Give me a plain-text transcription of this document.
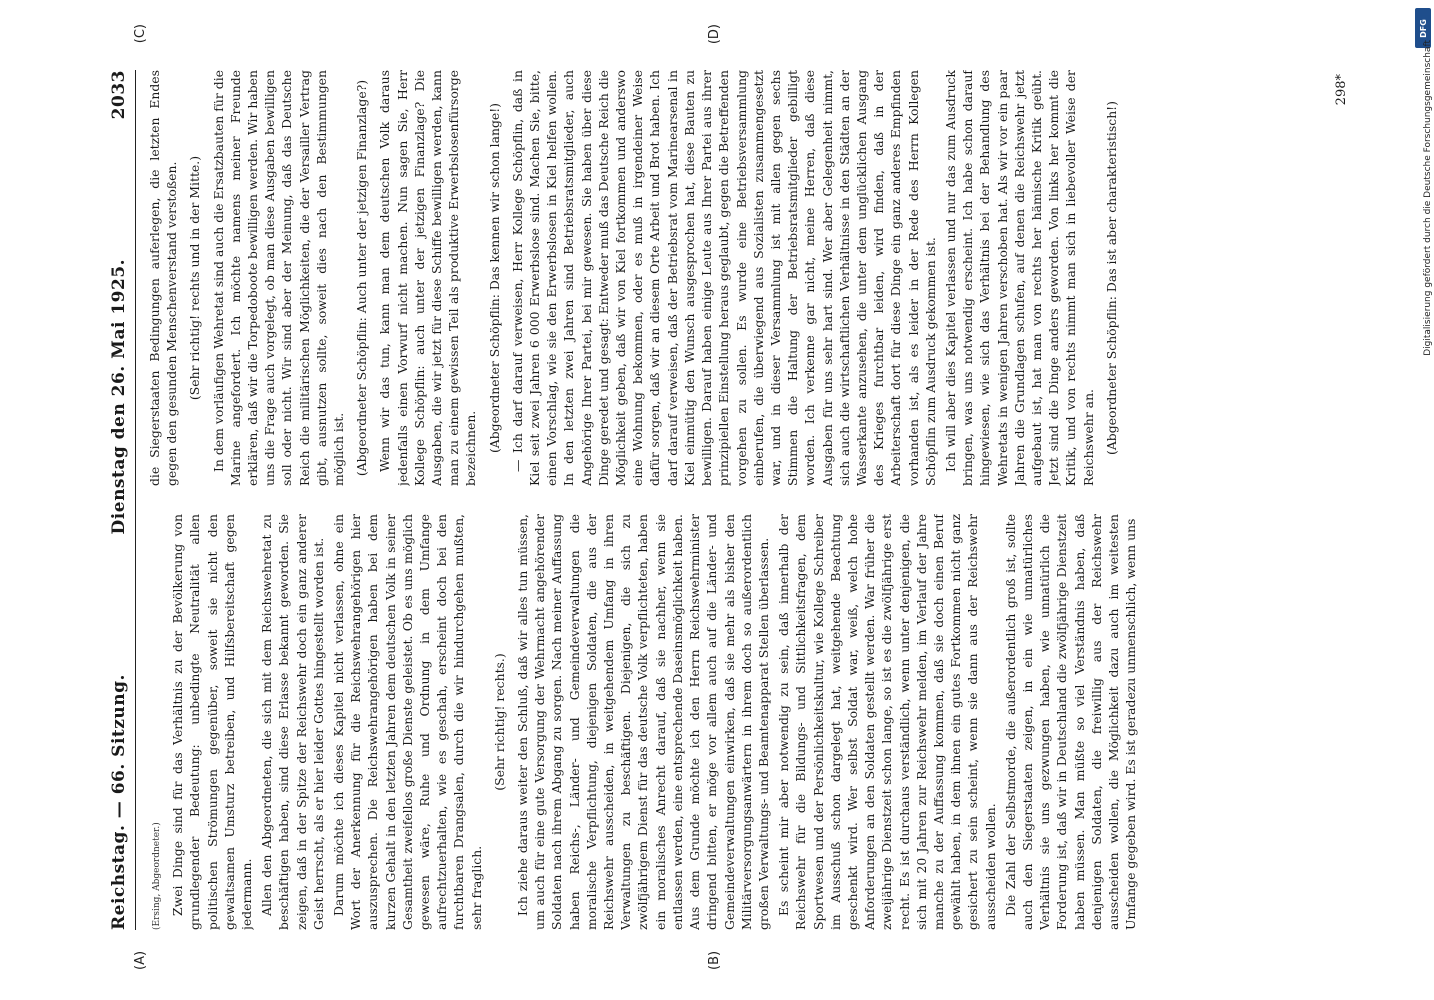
Reichstag. — 66. Sitzung.
Dienstag den 26. Mai 1925.
2033
(A)	(B)
(C)	(D)

(Ersing, Abgeordneter.) Zwei Dinge sind für das Verhältnis zu der Bevölkerung von grundlegender Bedeutung: unbedingte Neutralität allen politischen Strömungen gegenüber, soweit sie nicht den gewaltsamen Umsturz betreiben, und Hilfsbereitschaft gegen jedermann. Allen den Abgeordneten, die sich mit dem Reichswehretat zu beschäftigen haben, sind diese Erlasse bekannt geworden. Sie zeigen, daß in der Spitze der Reichswehr doch ein ganz anderer Geist herrscht, als er hier leider Gottes hingestellt worden ist. Darum möchte ich dieses Kapitel nicht verlassen, ohne ein Wort der Anerkennung für die Reichswehrangehörigen hier auszusprechen. Die Reichswehrangehörigen haben bei dem kurzen Gehalt in den letzten Jahren dem deutschen Volk in seiner Gesamtheit zweifellos große Dienste geleistet. Ob es uns möglich gewesen wäre, Ruhe und Ordnung in dem Umfange aufrechtzuerhalten, wie es geschah, erscheint doch bei den furchtbaren Drangsalen, durch die wir hindurchgehen mußten, sehr fraglich.

(Sehr richtig! rechts.) Ich ziehe daraus weiter den Schluß, daß wir alles tun müssen, um auch für eine gute Versorgung der Wehrmacht angehörender Soldaten nach ihrem Abgang zu sorgen. Nach meiner Auffassung haben Reichs-, Länder- und Gemeindeverwaltungen die moralische Verpflichtung, diejenigen Soldaten, die aus der Reichswehr ausscheiden, in weitgehendem Umfang in ihren Verwaltungen zu beschäftigen. Diejenigen, die sich zu zwölfjährigem Dienst für das deutsche Volk verpflichteten, haben ein moralisches Anrecht darauf, daß sie nachher, wenn sie entlassen werden, eine entsprechende Daseinsmöglichkeit haben. Aus dem Grunde möchte ich den Herrn Reichswehrminister dringend bitten, er möge vor allem auch auf die Länder- und Gemeindeverwaltungen einwirken, daß sie mehr als bisher den Militärversorgungsanwärtern in ihrem doch so außerordentlich großen Verwaltungs- und Beamtenapparat Stellen überlassen. Es scheint mir aber notwendig zu sein, daß innerhalb der Reichswehr für die Bildungs- und Sittlichkeitsfragen, dem Sportwesen und der Persönlichkeitskultur, wie Kollege Schreiber im Ausschuß schon dargelegt hat, weitgehende Beachtung geschenkt wird. Wer selbst Soldat war, weiß, welch hohe Anforderungen an den Soldaten gestellt werden. War früher die zweijährige Dienstzeit schon lange, so ist es die zwölfjährige erst recht. Es ist durchaus verständlich, wenn unter denjenigen, die sich mit 20 Jahren zur Reichswehr melden, im Verlauf der Jahre manche zu der Auffassung kommen, daß sie doch einen Beruf gewählt haben, in dem ihnen ein gutes Fortkommen nicht ganz gesichert zu sein scheint, wenn sie dann aus der Reichswehr ausscheiden wollen. Die Zahl der Selbstmorde, die außerordentlich groß ist, sollte auch den Siegerstaaten zeigen, in ein wie unnatürliches Verhältnis sie uns gezwungen haben, wie unnatürlich die Forderung ist, daß wir in Deutschland die zwölfjährige Dienstzeit haben müssen. Man müßte so viel Verständnis haben, daß denjenigen Soldaten, die freiwillig aus der Reichswehr ausscheiden wollen, die Möglichkeit dazu auch im weitesten Umfange gegeben wird. Es ist geradezu unmenschlich, wenn uns

die Siegerstaaten Bedingungen auferlegen, die letzten Endes gegen den gesunden Menschenverstand verstoßen. (Sehr richtig! rechts und in der Mitte.) In dem vorläufigen Wehretat sind auch die Ersatzbauten für die Marine angefordert. Ich möchte namens meiner Freunde erklären, daß wir die Torpedoboote bewilligen werden. Wir haben uns die Frage auch vorgelegt, ob man diese Ausgaben bewilligen soll oder nicht. Wir sind aber der Meinung, daß das Deutsche Reich die militärischen Möglichkeiten, die der Versailler Vertrag gibt, ausnutzen sollte, soweit dies nach den Bestimmungen möglich ist. (Abgeordneter Schöpflin: Auch unter der jetzigen Finanzlage?) Wenn wir das tun, kann man dem deutschen Volk daraus jedenfalls einen Vorwurf nicht machen. Nun sagen Sie, Herr Kollege Schöpflin: auch unter der jetzigen Finanzlage? Die Ausgaben, die wir jetzt für diese Schiffe bewilligen werden, kann man zu einem gewissen Teil als produktive Erwerbslosenfürsorge bezeichnen. (Abgeordneter Schöpflin: Das kennen wir schon lange!) — Ich darf darauf verweisen, Herr Kollege Schöpflin, daß in Kiel seit zwei Jahren 6 000 Erwerbslose sind. Machen Sie, bitte, einen Vorschlag, wie sie den Erwerbslosen in Kiel helfen wollen. In den letzten zwei Jahren sind Betriebsratsmitglieder, auch Angehörige Ihrer Partei, bei mir gewesen. Sie haben über diese Dinge geredet und gesagt: Entweder muß das Deutsche Reich die Möglichkeit geben, daß wir von Kiel fortkommen und anderswo eine Wohnung bekommen, oder es muß in irgendeiner Weise dafür sorgen, daß wir an diesem Orte Arbeit und Brot haben. Ich darf darauf verweisen, daß der Betriebsrat vom Marinearsenal in Kiel einmütig den Wunsch ausgesprochen hat, diese Bauten zu bewilligen. Darauf haben einige Leute aus Ihrer Partei aus ihrer prinzipiellen Einstellung heraus geglaubt, gegen die Betreffenden vorgehen zu sollen. Es wurde eine Betriebsversammlung einberufen, die überwiegend aus Sozialisten zusammengesetzt war, und in dieser Versammlung ist mit allen gegen sechs Stimmen die Haltung der Betriebsratsmitglieder gebilligt worden. Ich verkenne gar nicht, meine Herren, daß diese Ausgaben für uns sehr hart sind. Wer aber Gelegenheit nimmt, sich auch die wirtschaftlichen Verhältnisse in den Städten an der Wasserkante anzusehen, die unter dem unglücklichen Ausgang des Krieges furchtbar leiden, wird finden, daß in der Arbeiterschaft dort für diese Dinge ein ganz anderes Empfinden vorhanden ist, als es leider in der Rede des Herrn Kollegen Schöpflin zum Ausdruck gekommen ist. Ich will aber dies Kapitel verlassen und nur das zum Ausdruck bringen, was uns notwendig erscheint. Ich habe schon darauf hingewiesen, wie sich das Verhältnis bei der Behandlung des Wehretats in wenigen Jahren verschoben hat. Als wir vor ein paar Jahren die Grundlagen schufen, auf denen die Reichswehr jetzt aufgebaut ist, hat man von rechts her hämische Kritik geübt. Jetzt sind die Dinge anders geworden. Von links her kommt die Kritik, und von rechts nimmt man sich in liebevoller Weise der Reichswehr an. (Abgeordneter Schöpflin: Das ist aber charakteristisch!)

298*
DFG
Digitalisierung gefördert durch die Deutsche Forschungsgemeinschaft
